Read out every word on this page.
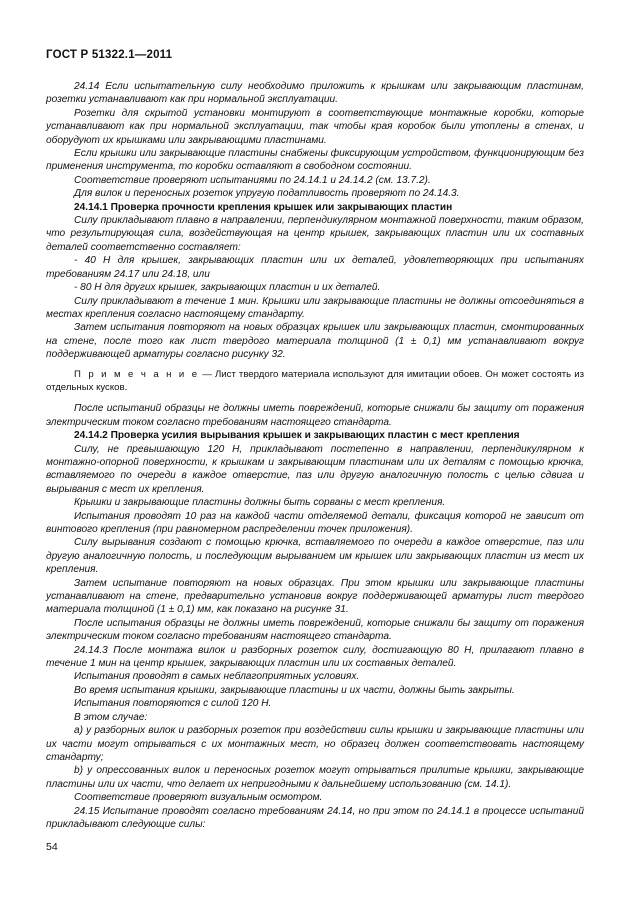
ГОСТ Р 51322.1—2011

24.14 Если испытательную силу необходимо приложить к крышкам или закрывающим пластинам, розетки устанавливают как при нормальной эксплуатации.

Розетки для скрытой установки монтируют в соответствующие монтажные коробки, которые устанавливают как при нормальной эксплуатации, так чтобы края коробок были утоплены в стенах, и оборудуют их крышками или закрывающими пластинами.

Если крышки или закрывающие пластины снабжены фиксирующим устройством, функционирующим без применения инструмента, то коробки оставляют в свободном состоянии.

Соответствие проверяют испытаниями по 24.14.1 и 24.14.2 (см. 13.7.2).

Для вилок и переносных розеток упругую податливость проверяют по 24.14.3.

24.14.1 Проверка прочности крепления крышек или закрывающих пластин

Силу прикладывают плавно в направлении, перпендикулярном монтажной поверхности, таким образом, что результирующая сила, воздействующая на центр крышек, закрывающих пластин или их составных деталей соответственно составляет:

- 40 Н для крышек, закрывающих пластин или их деталей, удовлетворяющих при испытаниях требованиям 24.17 или 24.18, или

- 80 Н для других крышек, закрывающих пластин и их деталей.

Силу прикладывают в течение 1 мин. Крышки или закрывающие пластины не должны отсоединяться в местах крепления согласно настоящему стандарту.

Затем испытания повторяют на новых образцах крышек или закрывающих пластин, смонтированных на стене, после того как лист твердого материала толщиной (1 ± 0,1) мм устанавливают вокруг поддерживающей арматуры согласно рисунку 32.

П р и м е ч а н и е — Лист твердого материала используют для имитации обоев. Он может состоять из отдельных кусков.

После испытаний образцы не должны иметь повреждений, которые снижали бы защиту от поражения электрическим током согласно требованиям настоящего стандарта.

24.14.2 Проверка усилия вырывания крышек и закрывающих пластин с мест крепления

Силу, не превышающую 120 Н, прикладывают постепенно в направлении, перпендикулярном к монтажно-опорной поверхности, к крышкам и закрывающим пластинам или их деталям с помощью крючка, вставляемого по очереди в каждое отверстие, паз или другую аналогичную полость с целью сдвига и вырывания с мест их крепления.

Крышки и закрывающие пластины должны быть сорваны с мест крепления.

Испытания проводят 10 раз на каждой части отделяемой детали, фиксация которой не зависит от винтового крепления (при равномерном распределении точек приложения).

Силу вырывания создают с помощью крючка, вставляемого по очереди в каждое отверстие, паз или другую аналогичную полость, и последующим вырыванием им крышек или закрывающих пластин из мест их крепления.

Затем испытание повторяют на новых образцах. При этом крышки или закрывающие пластины устанавливают на стене, предварительно установив вокруг поддерживающей арматуры лист твердого материала толщиной (1 ± 0,1) мм, как показано на рисунке 31.

После испытания образцы не должны иметь повреждений, которые снижали бы защиту от поражения электрическим током согласно требованиям настоящего стандарта.

24.14.3 После монтажа вилок и разборных розеток силу, достигающую 80 Н, прилагают плавно в течение 1 мин на центр крышек, закрывающих пластин или их составных деталей.

Испытания проводят в самых неблагоприятных условиях.

Во время испытания крышки, закрывающие пластины и их части, должны быть закрыты.

Испытания повторяются с силой 120 Н.

В этом случае:

a) у разборных вилок и разборных розеток при воздействии силы крышки и закрывающие пластины или их части могут отрываться с их монтажных мест, но образец должен соответствовать настоящему стандарту;

b) у опрессованных вилок и переносных розеток могут отрываться прилитые крышки, закрывающие пластины или их части, что делает их непригодными к дальнейшему использованию (см. 14.1).

Соответствие проверяют визуальным осмотром.

24.15 Испытание проводят согласно требованиям 24.14, но при этом по 24.14.1 в процессе испытаний прикладывают следующие силы:

54
